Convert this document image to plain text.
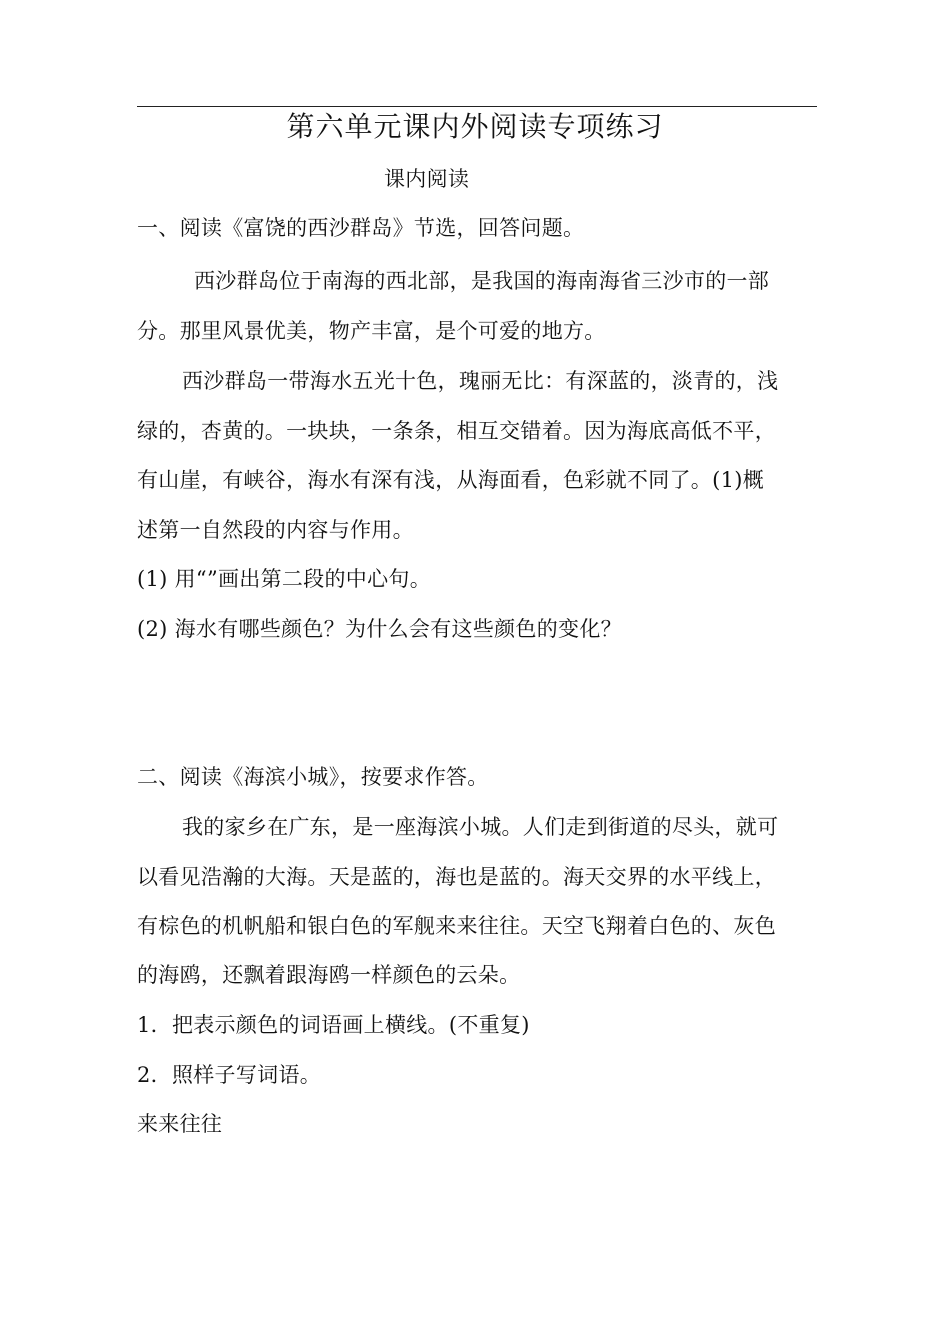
第六单元课内外阅读专项练习
课内阅读
一、阅读《富饶的西沙群岛》节选，回答问题。
西沙群岛位于南海的西北部，是我国的海南海省三沙市的一部
分。那里风景优美，物产丰富，是个可爱的地方。
西沙群岛一带海水五光十色，瑰丽无比：有深蓝的，淡青的，浅
绿的，杏黄的。一块块，一条条，相互交错着。因为海底高低不平，
有山崖，有峡谷，海水有深有浅，从海面看，色彩就不同了。(1)概
述第一自然段的内容与作用。
(1) 用“”画出第二段的中心句。
(2) 海水有哪些颜色？为什么会有这些颜色的变化？
二、阅读《海滨小城》，按要求作答。
我的家乡在广东，是一座海滨小城。人们走到街道的尽头，就可
以看见浩瀚的大海。天是蓝的，海也是蓝的。海天交界的水平线上，
有棕色的机帆船和银白色的军舰来来往往。天空飞翔着白色的、灰色
的海鸥，还飘着跟海鸥一样颜色的云朵。
1．把表示颜色的词语画上横线。(不重复)
2．照样子写词语。
来来往往
